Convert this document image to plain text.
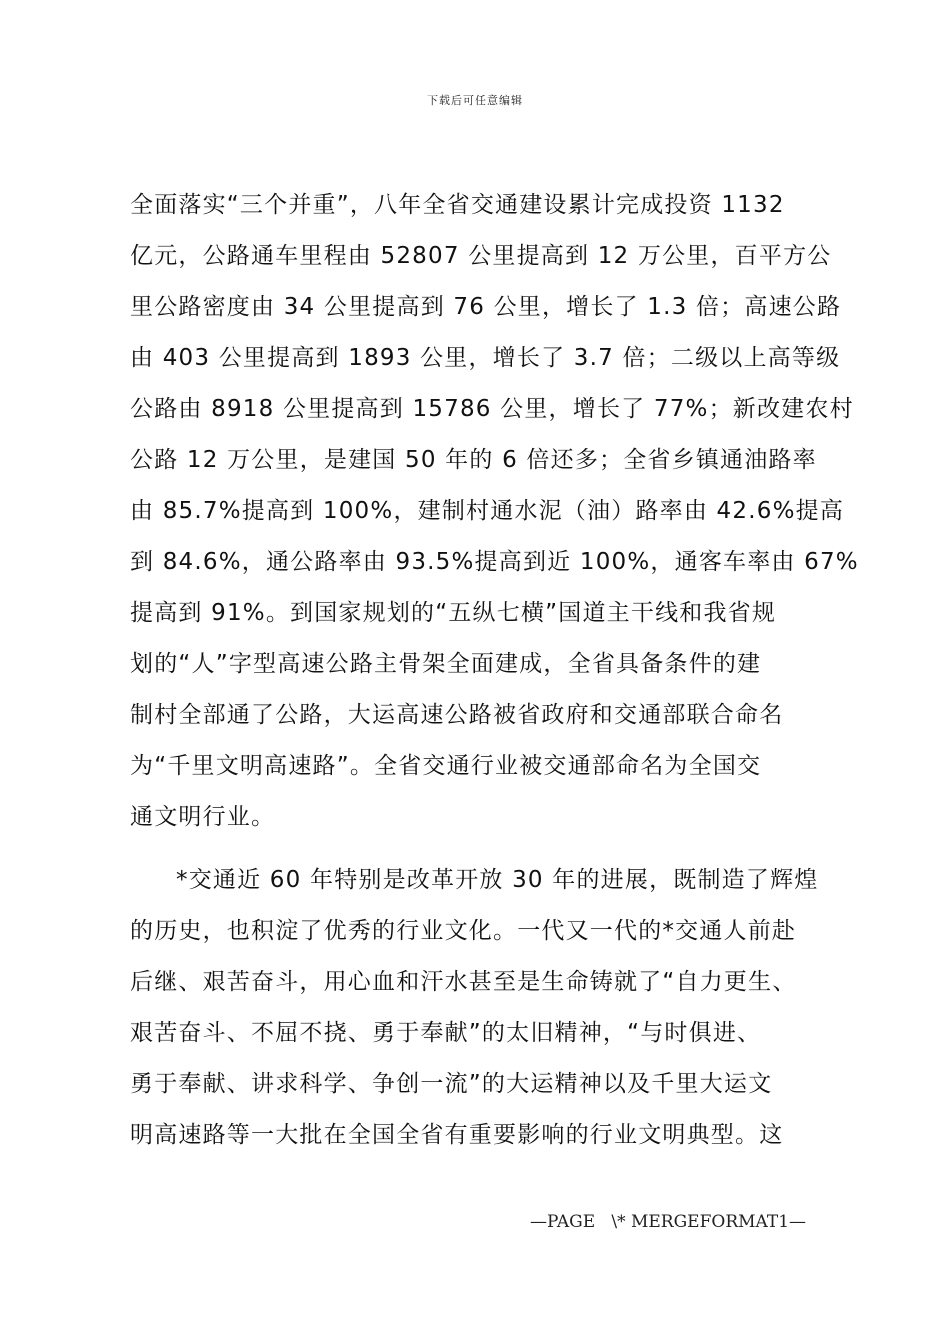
下载后可任意编辑

全面落实“三个并重”，八年全省交通建设累计完成投资 1132
亿元，公路通车里程由 52807 公里提高到 12 万公里，百平方公
里公路密度由 34 公里提高到 76 公里，增长了 1.3 倍；高速公路
由 403 公里提高到 1893 公里，增长了 3.7 倍；二级以上高等级
公路由 8918 公里提高到 15786 公里，增长了 77%；新改建农村
公路 12 万公里，是建国 50 年的 6 倍还多；全省乡镇通油路率
由 85.7%提高到 100%，建制村通水泥（油）路率由 42.6%提高
到 84.6%，通公路率由 93.5%提高到近 100%，通客车率由 67%
提高到 91%。到国家规划的“五纵七横”国道主干线和我省规
划的“人”字型高速公路主骨架全面建成，全省具备条件的建
制村全部通了公路，大运高速公路被省政府和交通部联合命名
为“千里文明高速路”。全省交通行业被交通部命名为全国交
通文明行业。

*交通近 60 年特别是改革开放 30 年的进展，既制造了辉煌
的历史，也积淀了优秀的行业文化。一代又一代的*交通人前赴
后继、艰苦奋斗，用心血和汗水甚至是生命铸就了“自力更生、
艰苦奋斗、不屈不挠、勇于奉献”的太旧精神，“与时俱进、
勇于奉献、讲求科学、争创一流”的大运精神以及千里大运文
明高速路等一大批在全国全省有重要影响的行业文明典型。这

—PAGE   \* MERGEFORMAT1—
